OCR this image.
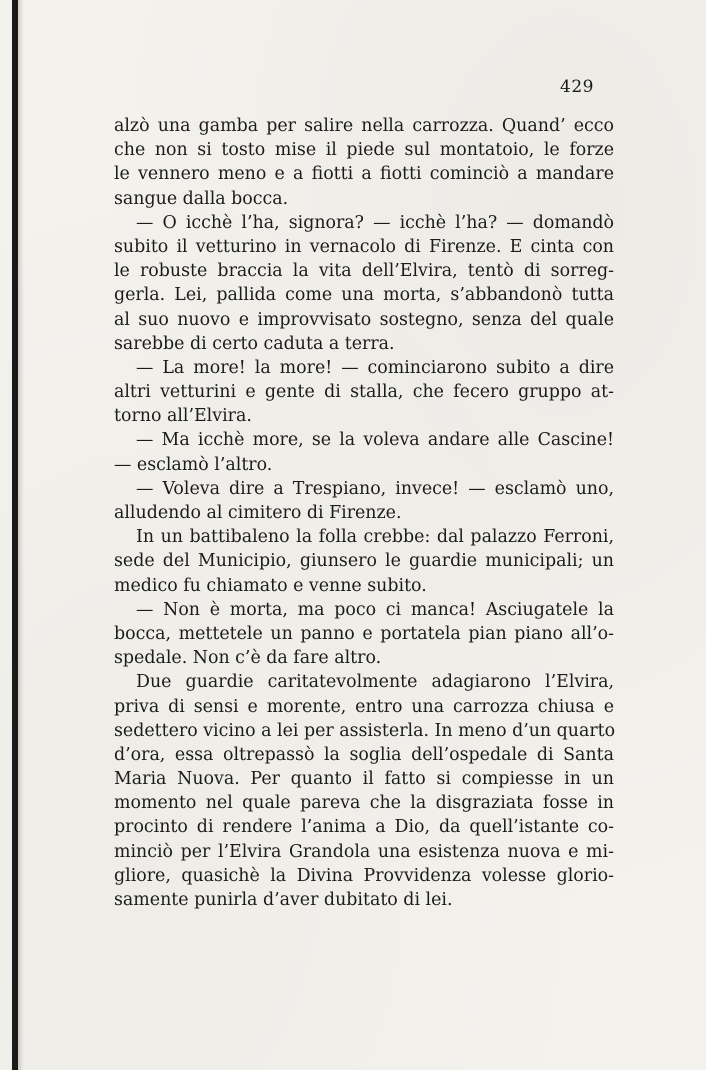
429
alzò una gamba per salire nella carrozza. Quand’ ecco
che non si tosto mise il piede sul montatoio, le forze
le vennero meno e a fiotti a fiotti cominciò a mandare
sangue dalla bocca.
— O icchè l’ha, signora? — icchè l’ha? — domandò
subito il vetturino in vernacolo di Firenze. E cinta con
le robuste braccia la vita dell’Elvira, tentò di sorreg-
gerla. Lei, pallida come una morta, s’abbandonò tutta
al suo nuovo e improvvisato sostegno, senza del quale
sarebbe di certo caduta a terra.
— La more! la more! — cominciarono subito a dire
altri vetturini e gente di stalla, che fecero gruppo at-
torno all’Elvira.
— Ma icchè more, se la voleva andare alle Cascine!
— esclamò l’altro.
— Voleva dire a Trespiano, invece! — esclamò uno,
alludendo al cimitero di Firenze.
In un battibaleno la folla crebbe: dal palazzo Ferroni,
sede del Municipio, giunsero le guardie municipali; un
medico fu chiamato e venne subito.
— Non è morta, ma poco ci manca! Asciugatele la
bocca, mettetele un panno e portatela pian piano all’o-
spedale. Non c’è da fare altro.
Due guardie caritatevolmente adagiarono l’Elvira,
priva di sensi e morente, entro una carrozza chiusa e
sedettero vicino a lei per assisterla. In meno d’un quarto
d’ora, essa oltrepassò la soglia dell’ospedale di Santa
Maria Nuova. Per quanto il fatto si compiesse in un
momento nel quale pareva che la disgraziata fosse in
procinto di rendere l’anima a Dio, da quell’istante co-
minciò per l’Elvira Grandola una esistenza nuova e mi-
gliore, quasichè la Divina Provvidenza volesse glorio-
samente punirla d’aver dubitato di lei.
